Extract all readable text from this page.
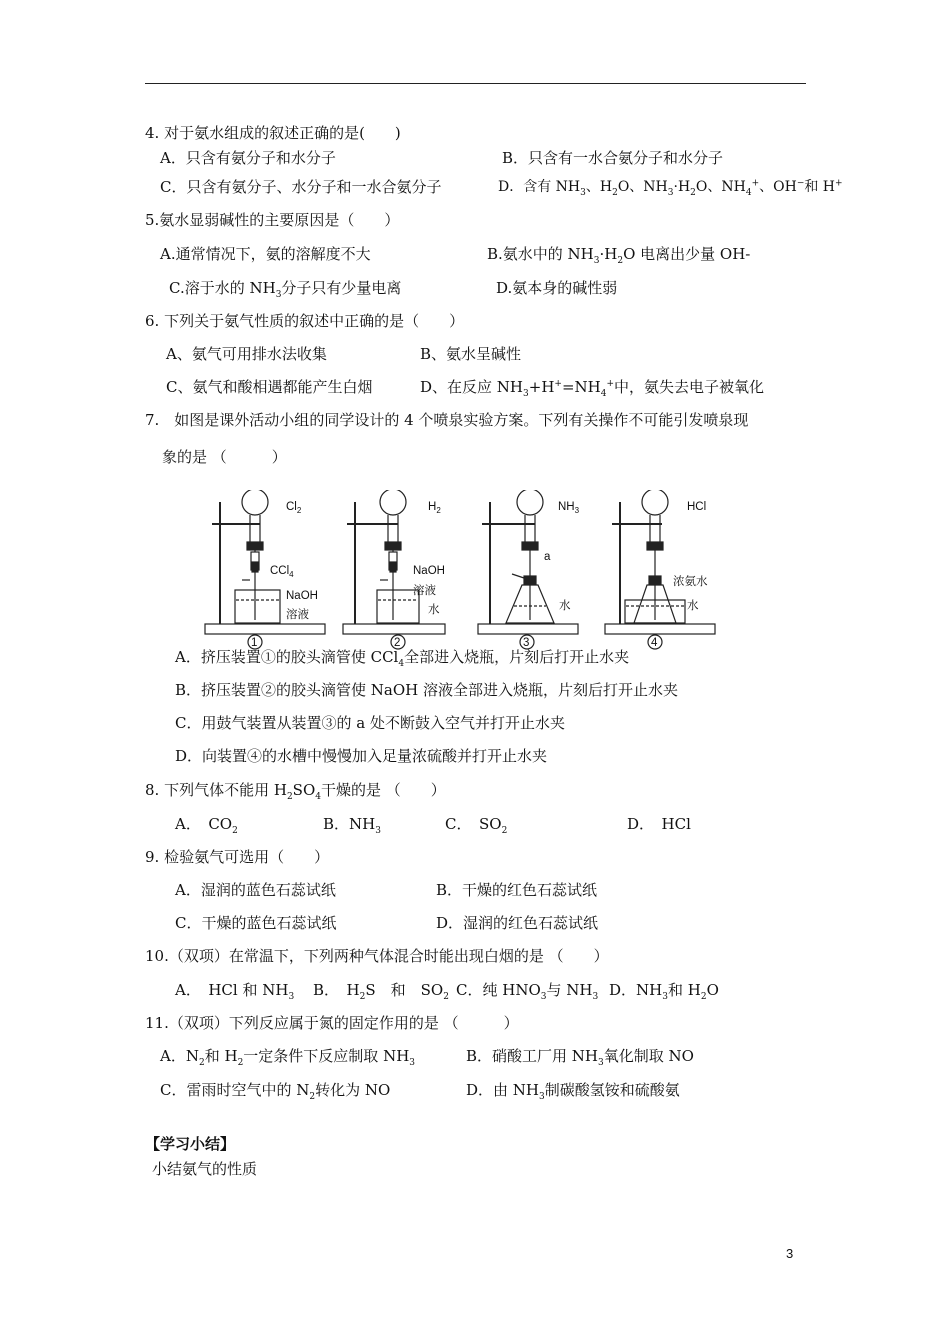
4. 对于氨水组成的叙述正确的是(　　)
A．只含有氨分子和水分子	B．只含有一水合氨分子和水分子
C．只含有氨分子、水分子和一水合氨分子	D．含有 $NH_3$、$H_2O$、$NH_3\cdot H_2O$、$NH_4^+$、OH−和 H+
5.氨水显弱碱性的主要原因是（　　）
A.通常情况下，氨的溶解度不大	B.氨水中的 $NH_3\cdot H_2O$ 电离出少量 OH-
C.溶于水的 $NH_3$分子只有少量电离	D.氨本身的碱性弱
6. 下列关于氨气性质的叙述中正确的是（　　）
A、氨气可用排水法收集	B、氨水呈碱性
C、氨气和酸相遇都能产生白烟	D、在反应 $NH_3+H^+=NH_4^+$中，氨失去电子被氧化
7.　如图是课外活动小组的同学设计的 4 个喷泉实验方案。下列有关操作不可能引发喷泉现
象的是 （　　　）
$Cl_2$
CCl$_4$
NaOH
溶液
1
$H_2$
NaOH
溶液
水
2
$NH_3$
a
水
3
HCl
浓氨水
水
4
A．挤压装置①的胶头滴管使 CCl$_4$全部进入烧瓶，片刻后打开止水夹
B．挤压装置②的胶头滴管使 NaOH 溶液全部进入烧瓶，片刻后打开止水夹
C．用鼓气装置从装置③的 a 处不断鼓入空气并打开止水夹
D．向装置④的水槽中慢慢加入足量浓硫酸并打开止水夹
8. 下列气体不能用 $H_2SO_4$干燥的是 （　　）
A．　$CO_2$	B．$NH_3$	C．　$SO_2$	D．　HCl
9. 检验氨气可选用（　　）
A．湿润的蓝色石蕊试纸	B．干燥的红色石蕊试纸
C．干燥的蓝色石蕊试纸	D．湿润的红色石蕊试纸
10.（双项）在常温下，下列两种气体混合时能出现白烟的是 （　　）
A．　HCl 和 $NH_3$ B．　$H_2S$　和　$SO_2$ C．纯 $HNO_3$与 $NH_3$ D．$NH_3$和 $H_2O$
11.（双项）下列反应属于氮的固定作用的是 （　　　）
A．$N_2$和 $H_2$一定条件下反应制取 $NH_3$	B．硝酸工厂用 $NH_3$氧化制取 NO
C．雷雨时空气中的 $N_2$转化为 NO	D．由 $NH_3$制碳酸氢铵和硫酸氨
【学习小结】
小结氨气的性质
3
